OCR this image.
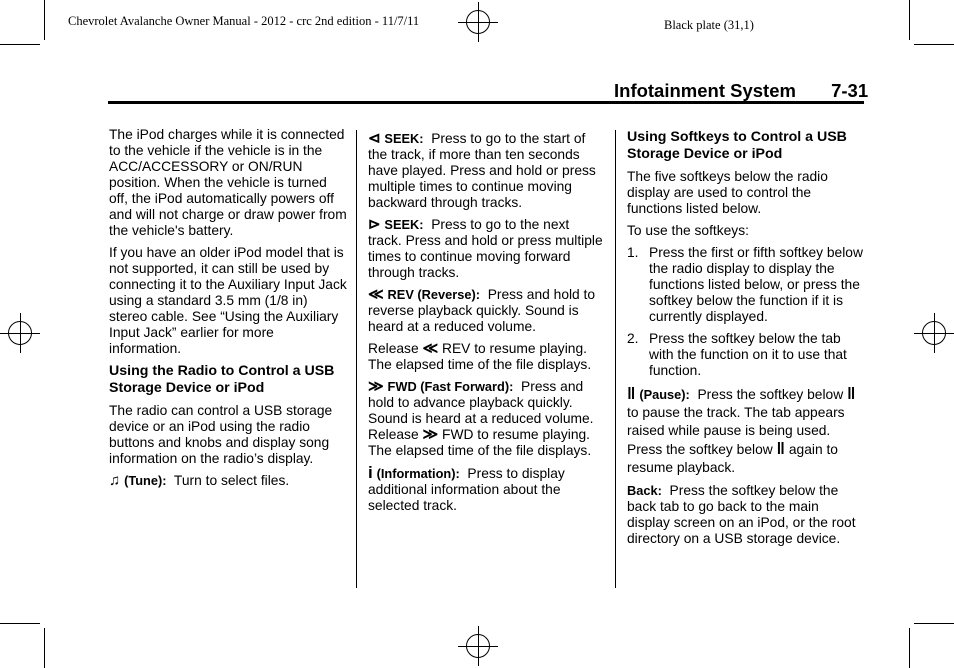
Chevrolet Avalanche Owner Manual - 2012 - crc 2nd edition - 11/7/11	Black plate (31,1)
Infotainment System 7-31

The iPod charges while it is connected to the vehicle if the vehicle is in the ACC/ACCESSORY or ON/RUN position. When the vehicle is turned off, the iPod automatically powers off and will not charge or draw power from the vehicle's battery.

If you have an older iPod model that is not supported, it can still be used by connecting it to the Auxiliary Input Jack using a standard 3.5 mm (1/8 in) stereo cable. See “Using the Auxiliary Input Jack” earlier for more information.

Using the Radio to Control a USB Storage Device or iPod

The radio can control a USB storage device or an iPod using the radio buttons and knobs and display song information on the radio’s display.

♫ (Tune): Turn to select files.

⊲ SEEK: Press to go to the start of the track, if more than ten seconds have played. Press and hold or press multiple times to continue moving backward through tracks.

⊳ SEEK: Press to go to the next track. Press and hold or press multiple times to continue moving forward through tracks.

≪ REV (Reverse): Press and hold to reverse playback quickly. Sound is heard at a reduced volume.

Release ≪ REV to resume playing. The elapsed time of the file displays.

≫ FWD (Fast Forward): Press and hold to advance playback quickly. Sound is heard at a reduced volume. Release ≫ FWD to resume playing. The elapsed time of the file displays.

i (Information): Press to display additional information about the selected track.

Using Softkeys to Control a USB Storage Device or iPod

The five softkeys below the radio display are used to control the functions listed below.

To use the softkeys:

1. Press the first or fifth softkey below the radio display to display the functions listed below, or press the softkey below the function if it is currently displayed.
2. Press the softkey below the tab with the function on it to use that function.

‖ (Pause): Press the softkey below ‖ to pause the track. The tab appears raised while pause is being used. Press the softkey below ‖ again to resume playback.

Back: Press the softkey below the back tab to go back to the main display screen on an iPod, or the root directory on a USB storage device.
